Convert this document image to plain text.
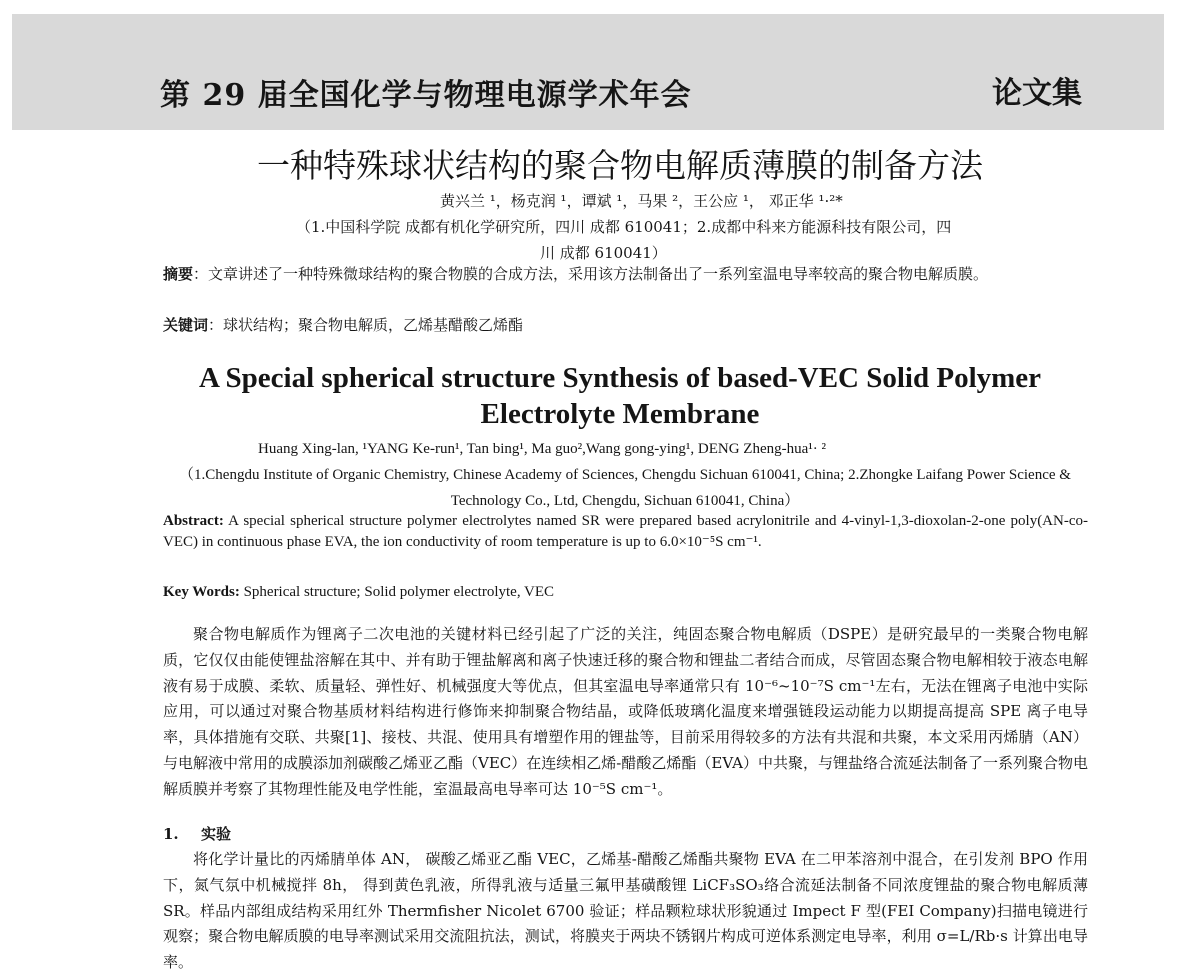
第 29 届全国化学与物理电源学术年会	论文集
一种特殊球状结构的聚合物电解质薄膜的制备方法
黄兴兰 ¹，杨克润 ¹，谭斌 ¹，马果 ²，王公应 ¹， 邓正华 ¹·²*
（1.中国科学院 成都有机化学研究所，四川 成都 610041；2.成都中科来方能源科技有限公司，四
川 成都 610041）
摘要：文章讲述了一种特殊微球结构的聚合物膜的合成方法，采用该方法制备出了一系列室温电导率较高的聚合物电解质膜。
关键词：球状结构；聚合物电解质，乙烯基醋酸乙烯酯
A Special spherical structure Synthesis of based-VEC Solid Polymer Electrolyte Membrane
Huang Xing-lan, ¹YANG Ke-run¹, Tan bing¹, Ma guo²,Wang gong-ying¹, DENG Zheng-hua¹· ²
（1.Chengdu Institute of Organic Chemistry, Chinese Academy of Sciences, Chengdu Sichuan 610041, China; 2.Zhongke Laifang Power Science & Technology Co., Ltd, Chengdu, Sichuan 610041, China）
Abstract: A special spherical structure polymer electrolytes named SR were prepared based acrylonitrile and 4-vinyl-1,3-dioxolan-2-one poly(AN-co-VEC) in continuous phase EVA, the ion conductivity of room temperature is up to 6.0×10⁻⁵S cm⁻¹.
Key Words: Spherical structure; Solid polymer electrolyte, VEC

聚合物电解质作为锂离子二次电池的关键材料已经引起了广泛的关注，纯固态聚合物电解质（DSPE）是研究最早的一类聚合物电解质，它仅仅由能使锂盐溶解在其中、并有助于锂盐解离和离子快速迁移的聚合物和锂盐二者结合而成，尽管固态聚合物电解相较于液态电解液有易于成膜、柔软、质量轻、弹性好、机械强度大等优点，但其室温电导率通常只有 10⁻⁶~10⁻⁷S cm⁻¹左右，无法在锂离子电池中实际应用，可以通过对聚合物基质材料结构进行修饰来抑制聚合物结晶，或降低玻璃化温度来增强链段运动能力以期提高提高 SPE 离子电导率，具体措施有交联、共聚[1]、接枝、共混、使用具有增塑作用的锂盐等，目前采用得较多的方法有共混和共聚，本文采用丙烯腈（AN）与电解液中常用的成膜添加剂碳酸乙烯亚乙酯（VEC）在连续相乙烯-醋酸乙烯酯（EVA）中共聚，与锂盐络合流延法制备了一系列聚合物电解质膜并考察了其物理性能及电学性能，室温最高电导率可达 10⁻⁵S cm⁻¹。

1. 实验

将化学计量比的丙烯腈单体 AN， 碳酸乙烯亚乙酯 VEC，乙烯基-醋酸乙烯酯共聚物 EVA 在二甲苯溶剂中混合，在引发剂 BPO 作用下，氮气氛中机械搅拌 8h， 得到黄色乳液，所得乳液与适量三氟甲基磺酸锂 LiCF₃SO₃络合流延法制备不同浓度锂盐的聚合物电解质薄 SR。样品内部组成结构采用红外 Thermfisher Nicolet 6700 验证；样品颗粒球状形貌通过 Impect F 型(FEI Company)扫描电镜进行观察；聚合物电解质膜的电导率测试采用交流阻抗法，测试，将膜夹于两块不锈钢片构成可逆体系测定电导率，利用 σ=L/Rb·s 计算出电导率。
